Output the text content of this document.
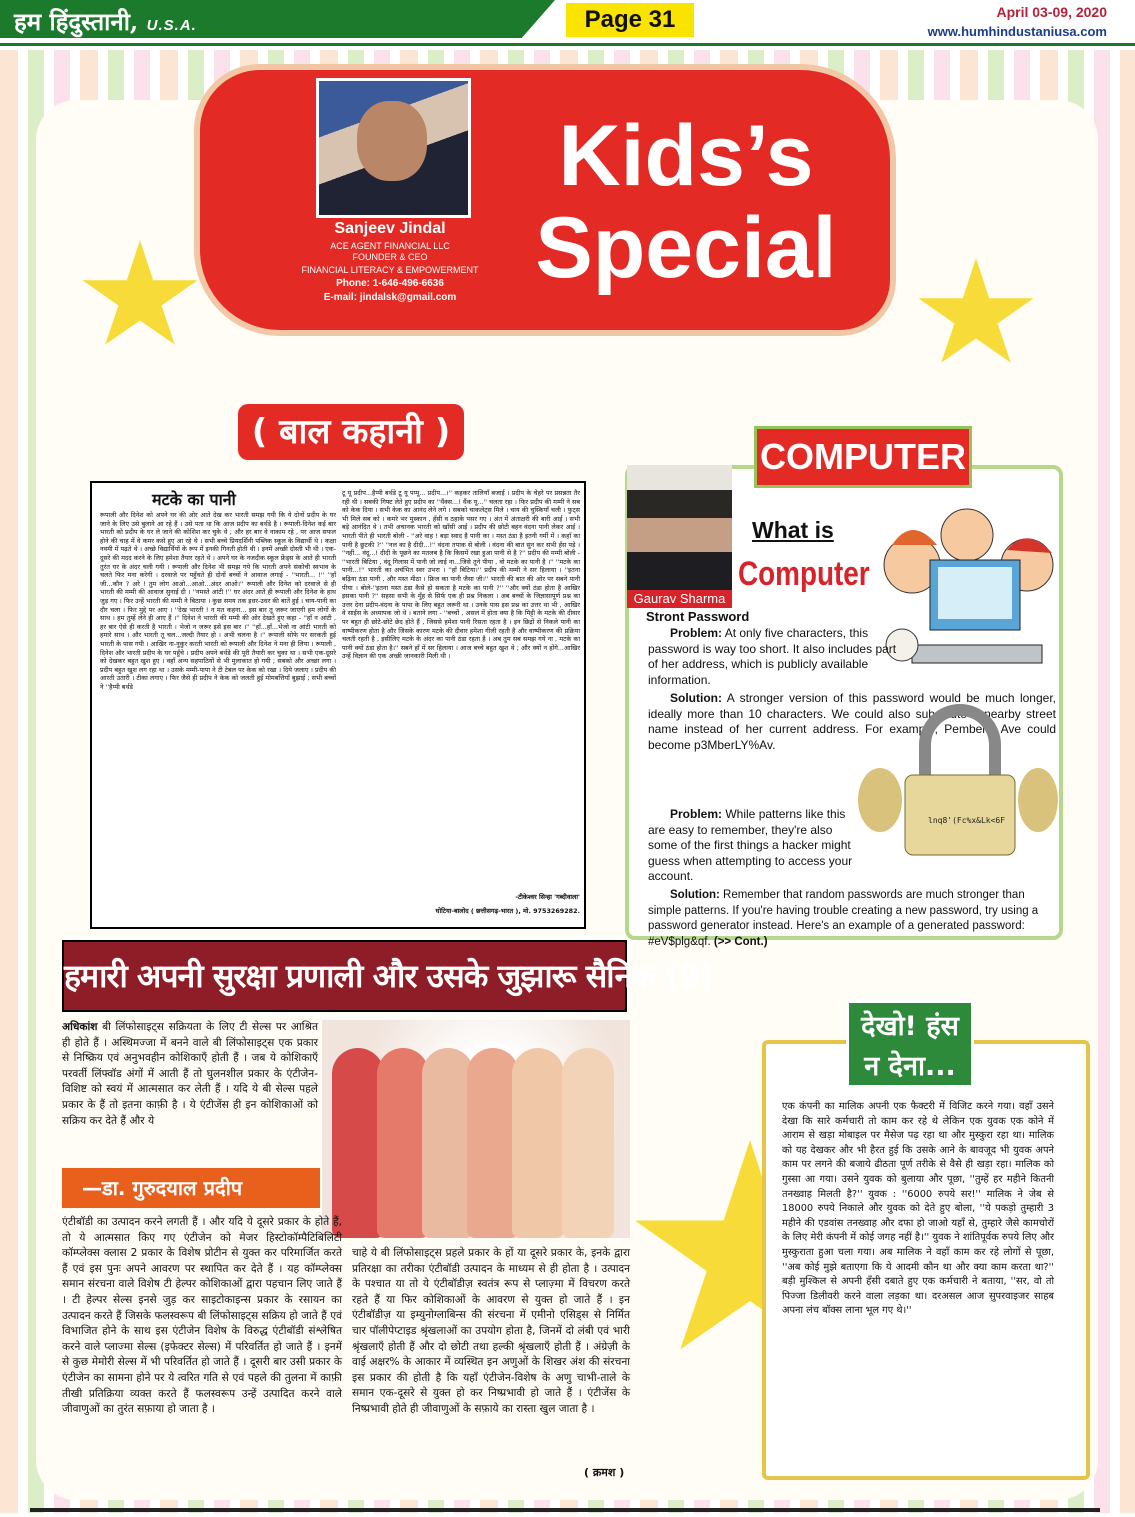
हम हिंदुस्तानी, U.S.A.	Page 31	April 03-09, 2020
www.humhindustaniusa.com
Sanjeev Jindal
ACE AGENT FINANCIAL LLC
FOUNDER & CEO
FINANCIAL LITERACY & EMPOWERMENT
Phone: 1-646-496-6636
E-mail: jindalsk@gmail.com
Kids’s
Special
( बाल कहानी )
मटके का पानी
रूपाली और दिनेश को अपने घर की ओर आते देख कर भारती समझ गयी कि ये दोनों प्रदीप के घर जाने के लिए उसे बुलाने आ रहे हैं । उसे पता था कि आज प्रदीप का बर्थडे है । रूपाली-दिनेश कई बार भारती को प्रदीप के घर ले जाने की कोशिश कर चुके थे ; और हर बार वे नाकाम रहे , पर आज सफल होने की चाह में वे कमर कसे हुए आ रहे थे । सभी बच्चे प्रियदर्शिनी पब्लिक स्कूल के विद्यार्थी थे । कक्षा नवमी में पढ़ते थे । अच्छे विद्यार्थियों के रूप में इनकी गिनती होती थी । इनमें अच्छी दोस्ती भी थी । एक-दूसरे की मदद करने के लिए हमेशा तैयार रहते थे । अपने घर के नजदीक स्कूल फ्रेंड्स के आते ही भारती तुरंत घर के अंदर चली गयी । रूपाली और दिनेश भी समझ गये कि भारती अपने संकोची स्वभाव के चलते फिर मना करेगी । दरवाजे पर पहुँचते ही दोनों बच्चों ने आवाज लगाई - ''भारती... !'' ''हाँ जी...कौन ? अरे ! तुम लोग आओ...आओ...अंदर आओ।'' रूपाली और दिनेश को दरवाजे से ही भारती की मम्मी की आवाज सुनाई दी । ''नमस्ते आंटी !'' घर अंदर आते ही रूपाली और दिनेश के हाथ जुड़ गए । फिर उन्हें भारती की मम्मी ने बिठाया । कुछ समय तक इधर-उधर की बातें हुई । चाय-पानी का दौर चला । फिर मुद्दे पर आए । ''देख भारती ! न मत कहना... इस बार तू जरूर जाएगी हम लोगों के साथ । हम तुम्हें लेने ही आए हैं ।'' दिनेश ने भारती की मम्मी की ओर देखते हुए कहा - ''हाँ न आंटी , हर बार ऐसे ही करती है भारती । भेजो न जरूर इसे इस बार ।'' ''हाँ...हाँ...भेजो ना आंटी भारती को हमारे साथ । और भारती तू चल...जल्दी तैयार हो । अभी चलना है ।'' रूपाली सोफे पर सरकती हुई भारती के पास गयी । आखिर ना-नुकुर करती भारती को रूपाली और दिनेश ने मना ही लिया । रूपाली , दिनेश और भारती प्रदीप के घर पहुँचे । प्रदीप अपने बर्थडे की पूरी तैयारी कर चुका था । सभी एक-दूसरे को देखकर बहुत खुश हुए । वहाँ अन्य सहपाठियों से भी मुलाकात हो गयी ; सबको और अच्छा लगा । प्रदीप बहुत खुश लग रहा था । उसके मम्मी-पापा ने टी टेबल पर केक को रखा । दिये जलाए । प्रदीप की आरती उतारी । टीका लगाए । फिर जैसे ही प्रदीप ने केक को जलती हुई मोमबत्तियाँ बुझाई ; सभी बच्चों ने ''हैप्पी बर्थडे
टू यू प्रदीप...हैप्पी बर्थडे टू यू पप्पू... प्रदीप...।'' कहकर तालियाँ बजाई । प्रदीप के चेहरे पर प्रसन्नता तैर रही थी । सबकी गिफ्ट लेते हुए प्रदीप का ''थैंक्स...! थैंक यू...'' चलता रहा । फिर प्रदीप की मम्मी ने सब को केक दिया । सभी केक का आनंद लेने लगे । सबको चाकलेट्स मिले । चाय की चुस्कियाँ चली । फुट्स भी मिले सब को । कमरे भर मुस्कान , हँसी व ठहाके पसर गए । अंत में अंताक्षरी की बारी आई । सभी बड़े आनंदित थे । तभी अचानक भारती को खाँसी आई । प्रदीप की छोटी बहन वंदना पानी लेकर आई । भारती पीते ही भारती बोली - ''अरे वाह ! बड़ा स्वाद है पानी का । मस्त ठंडा है इतनी गर्मी में । कहाँ का पानी है छुटकी ?'' ''नल का है दीदी...!'' वंदना तपाक से बोली । वंदना की बात सुन कर सभी हँस पड़े । ''नहीं... वंदू...! दीदी के पूछने का मतलब है कि किसमें रखा हुआ पानी से है ?'' प्रदीप की मम्मी बोली - ''भारती बिटिया , वंदू गिलास में पानी जो लाई ना...जिसे तूने पीया , वो मटके का पानी है ।'' ''मटके का पानी...!'' भारती का अचंभित स्वर उभरा । ''हाँ बिटिया।'' प्रदीप की मम्मी ने सर हिलाया । ''इतना बढ़िया ठंडा पानी , और मस्त मीठा । फ्रिज का पानी जैसा जी।'' भारती की बात की ओर पर सबने पानी पीया । बोले-''इतना मस्त ठंडा कैसे हो सकता है मटके का पानी ?'' ''और क्यों ठंडा होता है आखिर इसका पानी ?'' सहसा सभी के मुँह से सिर्फ एक ही प्रश्न निकला । अब बच्चों के जिज्ञासापूर्ण प्रश्न का उत्तर देना प्रदीप-वंदना के पापा के लिए बहुत जरूरी था । उनके पास इस प्रश्न का उत्तर था भी , आखिर वे साईंस के अध्यापक जो थे । बताने लगा - ''बच्चों , असल में होता क्या है कि मिट्टी के मटके की दीवार पर बहुत ही छोटे-छोटे छेद होते हैं , जिससे हमेशा पानी रिसता रहता है । इन छिद्रों से निकले पानी का वाष्पीकरण होता है और जिसके कारण मटके की दीवार हमेशा गीली रहती है और वाष्पीकरण की प्रक्रिया चलती रहती है , इसीलिए मटके के अंदर का पानी ठंडा रहता है । अब तुम सब समझ गये ना , मटके का पानी क्यों ठंडा होता है।'' सबने हाँ में सर हिलाया । आज बच्चे बहुत खुश थे ; और क्यों न होंगे...आखिर उन्हें विज्ञान की एक अच्छी जानकारी मिली थी ।
-टीकेश्वर सिन्हा 'गब्दीवाला'
घोटिया-बालोद ( छत्तीसगढ़-भारत ), मो. 9753269282.
COMPUTER
Gaurav Sharma
What is
Computer
Stront Password
Problem: At only five characters, this password is way too short. It also includes part of her address, which is publicly available information.
Solution: A stronger version of this password would be much longer, ideally more than 10 characters. We could also substitute a nearby street name instead of her current address. For example, Pemberly Ave could become p3MberLY%Av.
lnq8'(Fc%x&Lk<6F
Problem: While patterns like this are easy to remember, they're also some of the first things a hacker might guess when attempting to access your account.
Solution: Remember that random passwords are much stronger than simple patterns. If you're having trouble creating a new password, try using a password generator instead. Here's an example of a generated password: #eV$plg&qf. (>> Cont.)
हमारी अपनी सुरक्षा प्रणाली और उसके जुझारू सैनिक (9)
अधिकांश बी लिंफोसाइट्स सक्रियता के लिए टी सेल्स पर आश्रित ही होते हैं । अस्थिमज्जा में बनने वाले बी लिंफोसाइट्स एक प्रकार से निष्क्रिय एवं अनुभवहीन कोशिकाएँ होती हैं । जब ये कोशिकाएँ परवर्ती लिंफ्वॉड अंगों में आती हैं तो घुलनशील प्रकार के एंटीजेन-विशिष्ट को स्वयं में आत्मसात कर लेती हैं । यदि ये बी सेल्स पहले प्रकार के हैं तो इतना काफ़ी है । ये एंटीजेंस ही इन कोशिकाओं को सक्रिय कर देते हैं और ये
—डा. गुरुदयाल प्रदीप
एंटीबॉडी का उत्पादन करने लगती हैं । और यदि ये दूसरे प्रकार के होते हैं, तो ये आत्मसात किए गए एंटीजेन को मेजर हिस्टोकॉम्पैटिबिलिटी कॉम्प्लेक्स क्लास 2 प्रकार के विशेष प्रोटीन से युक्त कर परिमार्जित करते हैं एवं इस पुनः अपने आवरण पर स्थापित कर देते हैं । यह कॉम्प्लेक्स समान संरचना वाले विशेष टी हेल्पर कोशिकाओं द्वारा पहचान लिए जाते हैं । टी हेल्पर सेल्स इनसे जुड़ कर साइटोकाइन्स प्रकार के रसायन का उत्पादन करते हैं जिसके फलस्वरूप बी लिंफोसाइट्स सक्रिय हो जाते हैं एवं विभाजित होने के साथ इस एंटीजेन विशेष के विरुद्ध एंटीबॉडी संश्लेषित करने वाले प्लाज्मा सेल्स (इफेक्टर सेल्स) में परिवर्तित हो जाते हैं । इनमें से कुछ मेमोरी सेल्स में भी परिवर्तित हो जाते हैं । दूसरी बार उसी प्रकार के एंटीजेन का सामना होने पर ये त्वरित गति से एवं पहले की तुलना में काफ़ी तीखी प्रतिक्रिया व्यक्त करते हैं फलस्वरूप उन्हें उत्पादित करने वाले जीवाणुओं का तुरंत सफ़ाया हो जाता है ।
चाहे ये बी लिंफोसाइट्स प्रहले प्रकार के हों या दूसरे प्रकार के, इनके द्वारा प्रतिरक्षा का तरीका एंटीबॉडी उत्पादन के माध्यम से ही होता है । उत्पादन के पश्चात या तो ये एंटीबॉडीज़ स्वतंत्र रूप से प्लाज़्मा में विचरण करते रहते हैं या फिर कोशिकाओं के आवरण से युक्त हो जाते हैं । इन एंटीबॉडीज़ या इम्युनोग्लाबिन्स की संरचना में एमीनो एसिड्स से निर्मित चार पॉलीपेप्टाइड श्रृंखलाओं का उपयोग होता है, जिनमें दो लंबी एवं भारी श्रृंखलाएँ होती हैं और दो छोटी तथा हल्की श्रृंखलाएँ होती हैं । अंग्रेज़ी के वाई अक्षर% के आकार में व्यस्थित इन अणुओं के शिखर अंश की संरचना इस प्रकार की होती है कि यहाँ एंटीजेन-विशेष के अणु चाभी-ताले के समान एक-दूसरे से युक्त हो कर निष्प्रभावी हो जाते हैं । एंटीजेंस के निष्प्रभावी होते ही जीवाणुओं के सफ़ाये का रास्ता खुल जाता है ।
( क्रमश )
देखो! हंस
न देना...
एक कंपनी का मालिक अपनी एक फैक्टरी में विजिट करने गया। वहाँ उसने देखा कि सारे कर्मचारी तो काम कर रहे थे लेकिन एक युवक एक कोने में आराम से खड़ा मोबाइल पर मैसेज पढ़ रहा था और मुस्कुरा रहा था। मालिक को यह देखकर और भी हैरत हुई कि उसके आने के बावजूद भी युवक अपने काम पर लगने की बजाये ढीठता पूर्ण तरीके से वैसे ही खड़ा रहा। मालिक को गुस्सा आ गया। उसने युवक को बुलाया और पूछा, ''तुम्हें हर महीने कितनी तनख्वाह मिलती है?'' युवक : ''6000 रुपये सर!'' मालिक ने जेब से 18000 रुपये निकाले और युवक को देते हुए बोला, ''ये पकड़ो तुम्हारी 3 महीने की एडवांस तनख्वाह और दफा हो जाओ यहाँ से, तुम्हारे जैसे कामचोरों के लिए मेरी कंपनी में कोई जगह नहीं है।'' युवक ने शांतिपूर्वक रुपये लिए और मुस्कुराता हुआ चला गया। अब मालिक ने वहाँ काम कर रहे लोगों से पूछा, ''अब कोई मुझे बताएगा कि ये आदमी कौन था और क्या काम करता था?'' बड़ी मुश्किल से अपनी हँसी दबाते हुए एक कर्मचारी ने बताया, ''सर, वो तो पिज्जा डिलीवरी करने वाला लड़का था। दरअसल आज सुपरवाइजर साहब अपना लंच बॉक्स लाना भूल गए थे।''
